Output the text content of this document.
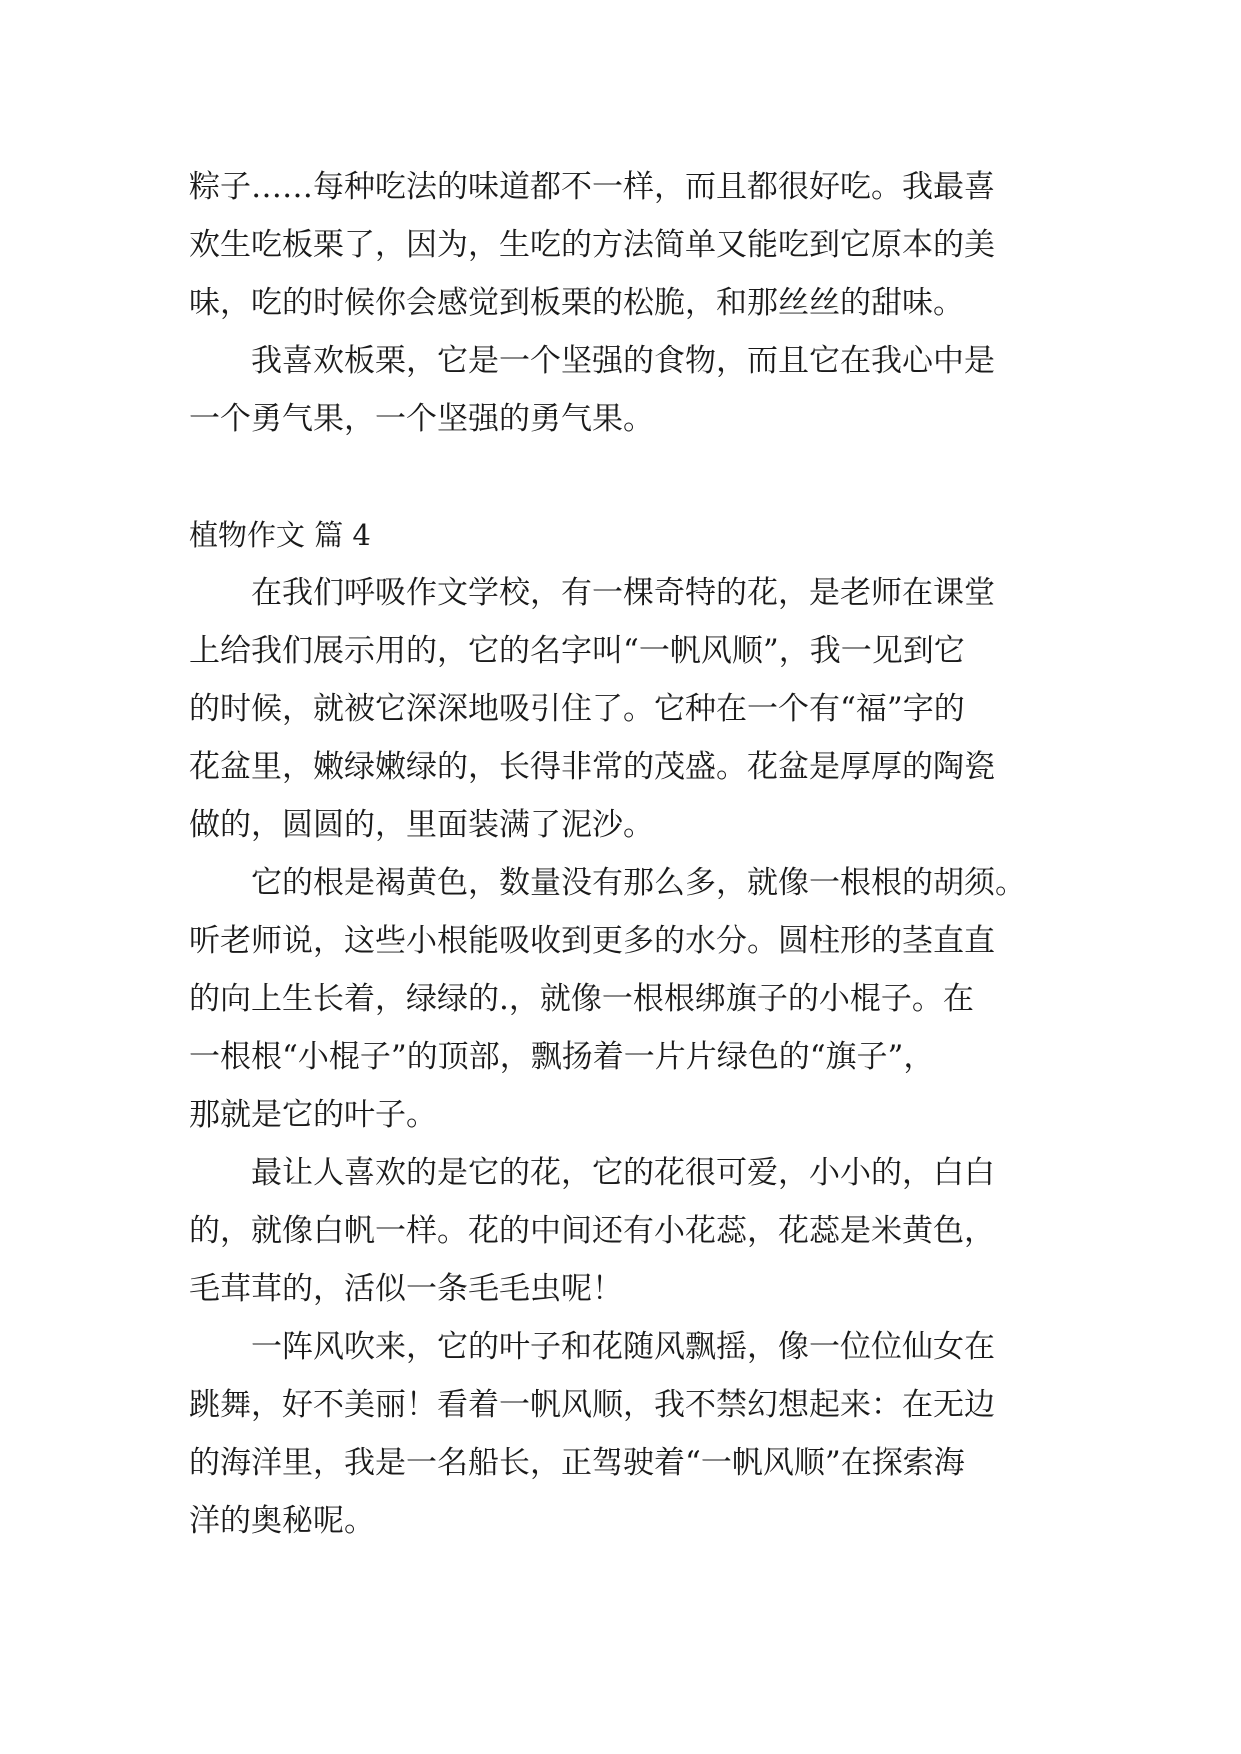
粽子……每种吃法的味道都不一样，而且都很好吃。我最喜
欢生吃板栗了，因为，生吃的方法简单又能吃到它原本的美
味，吃的时候你会感觉到板栗的松脆，和那丝丝的甜味。

我喜欢板栗，它是一个坚强的食物，而且它在我心中是
一个勇气果，一个坚强的勇气果。

植物作文 篇 4

在我们呼吸作文学校，有一棵奇特的花，是老师在课堂
上给我们展示用的，它的名字叫“一帆风顺”，我一见到它
的时候，就被它深深地吸引住了。它种在一个有“福”字的
花盆里，嫩绿嫩绿的，长得非常的茂盛。花盆是厚厚的陶瓷
做的，圆圆的，里面装满了泥沙。

它的根是褐黄色，数量没有那么多，就像一根根的胡须。
听老师说，这些小根能吸收到更多的水分。圆柱形的茎直直
的向上生长着，绿绿的.，就像一根根绑旗子的小棍子。在
一根根“小棍子”的顶部，飘扬着一片片绿色的“旗子”，
那就是它的叶子。

最让人喜欢的是它的花，它的花很可爱，小小的，白白
的，就像白帆一样。花的中间还有小花蕊，花蕊是米黄色，
毛茸茸的，活似一条毛毛虫呢！

一阵风吹来，它的叶子和花随风飘摇，像一位位仙女在
跳舞，好不美丽！看着一帆风顺，我不禁幻想起来：在无边
的海洋里，我是一名船长，正驾驶着“一帆风顺”在探索海
洋的奥秘呢。
